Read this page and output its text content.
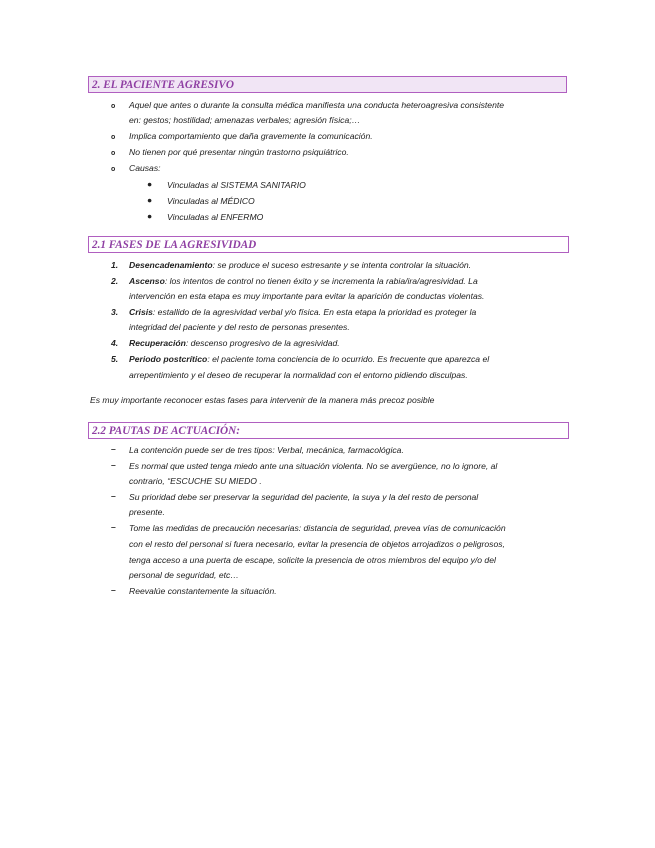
2. EL PACIENTE AGRESIVO
o Aquel que antes o durante la consulta médica manifiesta una conducta heteroagresiva consistente
en: gestos; hostilidad; amenazas verbales; agresión física;…
o Implica comportamiento que daña gravemente la comunicación.
o No tienen por qué presentar ningún trastorno psiquiátrico.
o Causas:
● Vinculadas al SISTEMA SANITARIO
● Vinculadas al MÉDICO
● Vinculadas al ENFERMO
2.1 FASES DE LA AGRESIVIDAD
1. Desencadenamiento: se produce el suceso estresante y se intenta controlar la situación.
2. Ascenso: los intentos de control no tienen éxito y se incrementa la rabia/ira/agresividad. La
intervención en esta etapa es muy importante para evitar la aparición de conductas violentas.
3. Crisis: estallido de la agresividad verbal y/o física. En esta etapa la prioridad es proteger la
integridad del paciente y del resto de personas presentes.
4. Recuperación: descenso progresivo de la agresividad.
5. Periodo postcrítico: el paciente toma conciencia de lo ocurrido. Es frecuente que aparezca el
arrepentimiento y el deseo de recuperar la normalidad con el entorno pidiendo disculpas.
Es muy importante reconocer estas fases para intervenir de la manera más precoz posible
2.2 PAUTAS DE ACTUACIÓN:
– La contención puede ser de tres tipos: Verbal, mecánica, farmacológica.
– Es normal que usted tenga miedo ante una situación violenta. No se avergüence, no lo ignore, al
contrario, “ESCUCHE SU MIEDO .
– Su prioridad debe ser preservar la seguridad del paciente, la suya y la del resto de personal
presente.
– Tome las medidas de precaución necesarias: distancia de seguridad, prevea vías de comunicación
con el resto del personal si fuera necesario, evitar la presencia de objetos arrojadizos o peligrosos,
tenga acceso a una puerta de escape, solicite la presencia de otros miembros del equipo y/o del
personal de seguridad, etc…
– Reevalúe constantemente la situación.
